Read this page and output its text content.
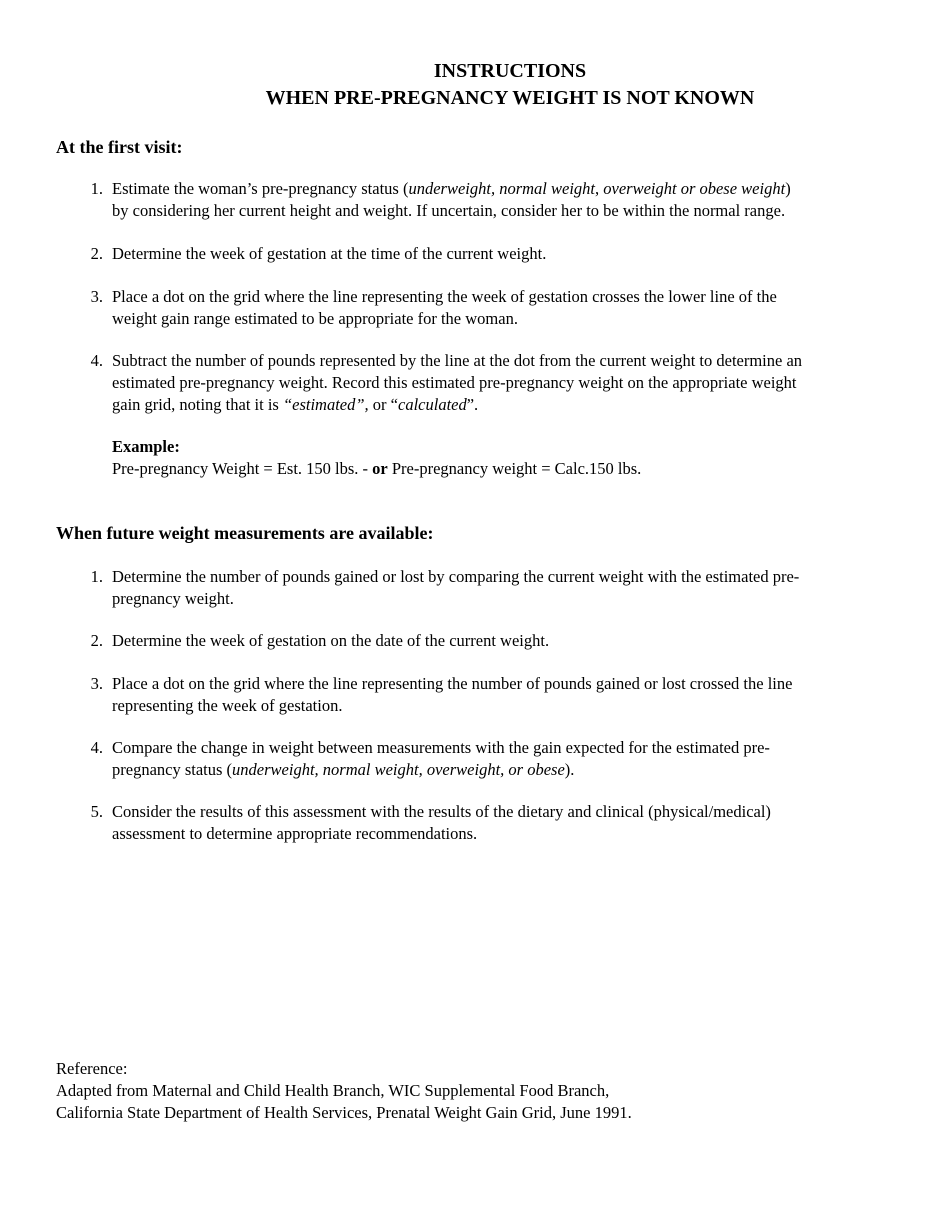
INSTRUCTIONS
WHEN PRE-PREGNANCY WEIGHT IS NOT KNOWN
At the first visit:
1. Estimate the woman’s pre-pregnancy status (underweight, normal weight, overweight or obese weight)
by considering her current height and weight. If uncertain, consider her to be within the normal range.
2. Determine the week of gestation at the time of the current weight.
3. Place a dot on the grid where the line representing the week of gestation crosses the lower line of the
weight gain range estimated to be appropriate for the woman.
4. Subtract the number of pounds represented by the line at the dot from the current weight to determine an
estimated pre-pregnancy weight. Record this estimated pre-pregnancy weight on the appropriate weight
gain grid, noting that it is “estimated”, or “calculated”.
Example:
Pre-pregnancy Weight = Est. 150 lbs. - or Pre-pregnancy weight = Calc.150 lbs.
When future weight measurements are available:
1. Determine the number of pounds gained or lost by comparing the current weight with the estimated pre-
pregnancy weight.
2. Determine the week of gestation on the date of the current weight.
3. Place a dot on the grid where the line representing the number of pounds gained or lost crossed the line
representing the week of gestation.
4. Compare the change in weight between measurements with the gain expected for the estimated pre-
pregnancy status (underweight, normal weight, overweight, or obese).
5. Consider the results of this assessment with the results of the dietary and clinical (physical/medical)
assessment to determine appropriate recommendations.
Reference:
Adapted from Maternal and Child Health Branch, WIC Supplemental Food Branch,
California State Department of Health Services, Prenatal Weight Gain Grid, June 1991.
